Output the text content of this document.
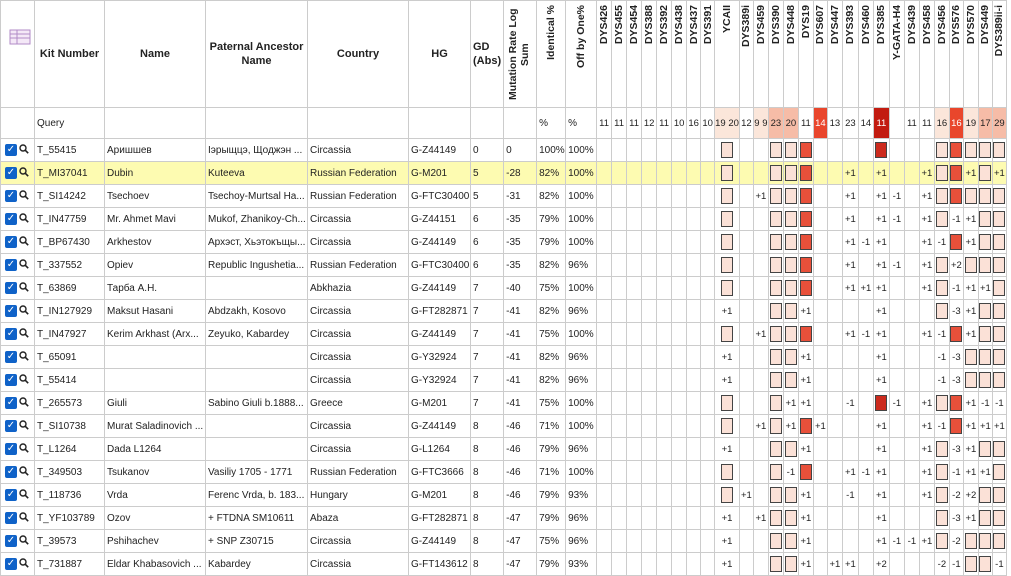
	Kit Number	Name	Paternal Ancestor Name	Country	HG	GD (Abs)	Mutation Rate Log Sum	Identical %	Off by One%	DYS426	DYS455	DYS454	DYS388	DYS392	DYS438	DYS437	DYS391	YCAII	DYS389i	DYS459	DYS390	DYS448	DYS19	DYS607	DYS447	DYS393	DYS460	DYS385	Y-GATA-H4	DYS439	DYS458	DYS456	DYS576	DYS570	DYS449	DYS389ii-i
	Query							%	%	11	11	11	12	11	10	16	10	19 20	12	9 9	23	20	11	14	13	23	14	11		11	11	16	16	19	17	29
✓	T_55415	Аришшев	Iэрыщцэ, Щоджэн ...	Circassia	G-Z44149	0	0	100%	100%																											
✓	T_MI37041	Dubin	Kuteeva	Russian Federation	G-M201	5	-28	82%	100%																	+1		+1			+1			+1		+1
✓	T_SI14242	Tsechoev	Tsechoy-Murtsal Ha...	Russian Federation	G-FTC30400	5	-31	82%	100%											+1						+1		+1	-1		+1					
✓	T_IN47759	Mr. Ahmet Mavi	Mukof, Zhanikoy-Ch...	Circassia	G-Z44151	6	-35	79%	100%																	+1		+1	-1		+1		-1	+1		
✓	T_BP67430	Arkhestov	Архэст, Хьэтокъщы...	Circassia	G-Z44149	6	-35	79%	100%																	+1	-1	+1			+1	-1		+1		
✓	T_337552	Opiev	Republic Ingushetia...	Russian Federation	G-FTC30400	6	-35	82%	96%																	+1		+1	-1		+1		+2			
✓	T_63869	Тарба А.Н.		Abkhazia	G-Z44149	7	-40	75%	100%																	+1	+1	+1			+1		-1	+1	+1	
✓	T_IN127929	Maksut Hasani	Abdzakh, Kosovo	Circassia	G-FT282871	7	-41	82%	96%									+1					+1					+1					-3	+1		
✓	T_IN47927	Kerim Arkhast (Arx...	Zeyuko, Kabardey	Circassia	G-Z44149	7	-41	75%	100%											+1						+1	-1	+1			+1	-1		+1		
✓	T_65091			Circassia	G-Y32924	7	-41	82%	96%									+1					+1					+1				-1	-3			
✓	T_55414			Circassia	G-Y32924	7	-41	82%	96%									+1					+1					+1				-1	-3			
✓	T_265573	Giuli	Sabino Giuli b.1888...	Greece	G-M201	7	-41	75%	100%													+1	+1			-1			-1		+1			+1	-1	-1
✓	T_SI10738	Murat Saladinovich ...		Circassia	G-Z44149	8	-46	71%	100%											+1		+1		+1				+1			+1	-1		+1	+1	+1
✓	T_L1264	Dada L1264		Circassia	G-L1264	8	-46	79%	96%									+1					+1					+1			+1		-3	+1		
✓	T_349503	Tsukanov	Vasiliy 1705 - 1771	Russian Federation	G-FTC3666	8	-46	71%	100%													-1				+1	-1	+1			+1		-1	+1	+1	
✓	T_118736	Vrda	Ferenc Vrda, b. 183...	Hungary	G-M201	8	-46	79%	93%										+1				+1			-1		+1			+1		-2	+2		
✓	T_YF103789	Ozov	+ FTDNA SM10611	Abaza	G-FT282871	8	-47	79%	96%									+1		+1			+1					+1					-3	+1		
✓	T_39573	Pshihachev	+ SNP Z30715	Circassia	G-Z44149	8	-47	75%	96%									+1					+1					+1	-1	-1	+1		-2			
✓	T_731887	Eldar Khabasovich ...	Kabardey	Circassia	G-FT143612	8	-47	79%	93%									+1					+1		+1	+1		+2				-2	-1			-1
